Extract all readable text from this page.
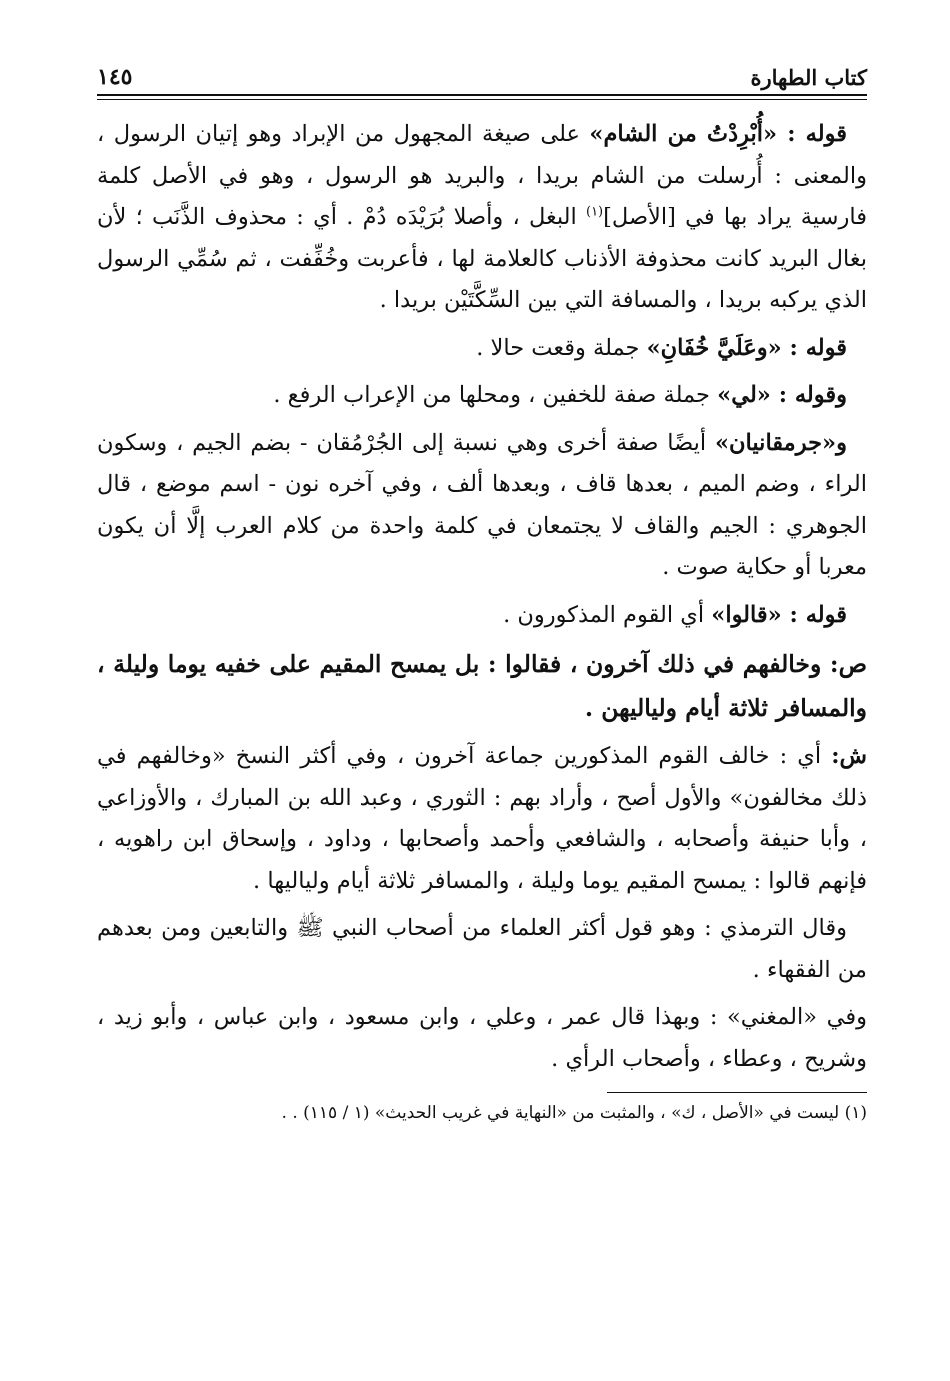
كتاب الطهارة
١٤٥

قوله : «أُبْرِدْتُ من الشام» على صيغة المجهول من الإبراد وهو إتيان الرسول ، والمعنى : أُرسلت من الشام بريدا ، والبريد هو الرسول ، وهو في الأصل كلمة فارسية يراد بها في [الأصل]$^{(١)}$ البغل ، وأصلا بُرَيْدَه دُمْ . أي : محذوف الذَّنَب ؛ لأن بغال البريد كانت محذوفة الأذناب كالعلامة لها ، فأعربت وخُفِّفت ، ثم سُمِّي الرسول الذي يركبه بريدا ، والمسافة التي بين السِّكَّتَيْن بريدا .

قوله : «وعَلَيَّ خُفَانِ» جملة وقعت حالا .

وقوله : «لي» جملة صفة للخفين ، ومحلها من الإعراب الرفع .

و«جرمقانيان» أيضًا صفة أخرى وهي نسبة إلى الجُرْمُقان - بضم الجيم ، وسكون الراء ، وضم الميم ، بعدها قاف ، وبعدها ألف ، وفي آخره نون - اسم موضع ، قال الجوهري : الجيم والقاف لا يجتمعان في كلمة واحدة من كلام العرب إلَّا أن يكون معربا أو حكاية صوت .

قوله : «قالوا» أي القوم المذكورون .

ص: وخالفهم في ذلك آخرون ، فقالوا : بل يمسح المقيم على خفيه يوما وليلة ، والمسافر ثلاثة أيام ولياليهن .

ش: أي : خالف القوم المذكورين جماعة آخرون ، وفي أكثر النسخ «وخالفهم في ذلك مخالفون» والأول أصح ، وأراد بهم : الثوري ، وعبد الله بن المبارك ، والأوزاعي ، وأبا حنيفة وأصحابه ، والشافعي وأحمد وأصحابها ، وداود ، وإسحاق ابن راهويه ، فإنهم قالوا : يمسح المقيم يوما وليلة ، والمسافر ثلاثة أيام ولياليها .

وقال الترمذي : وهو قول أكثر العلماء من أصحاب النبي ﷺ والتابعين ومن بعدهم من الفقهاء .

وفي «المغني» : وبهذا قال عمر ، وعلي ، وابن مسعود ، وابن عباس ، وأبو زيد ، وشريح ، وعطاء ، وأصحاب الرأي .

(١) ليست في «الأصل ، ك» ، والمثبت من «النهاية في غريب الحديث» (١ / ١١٥) . .
